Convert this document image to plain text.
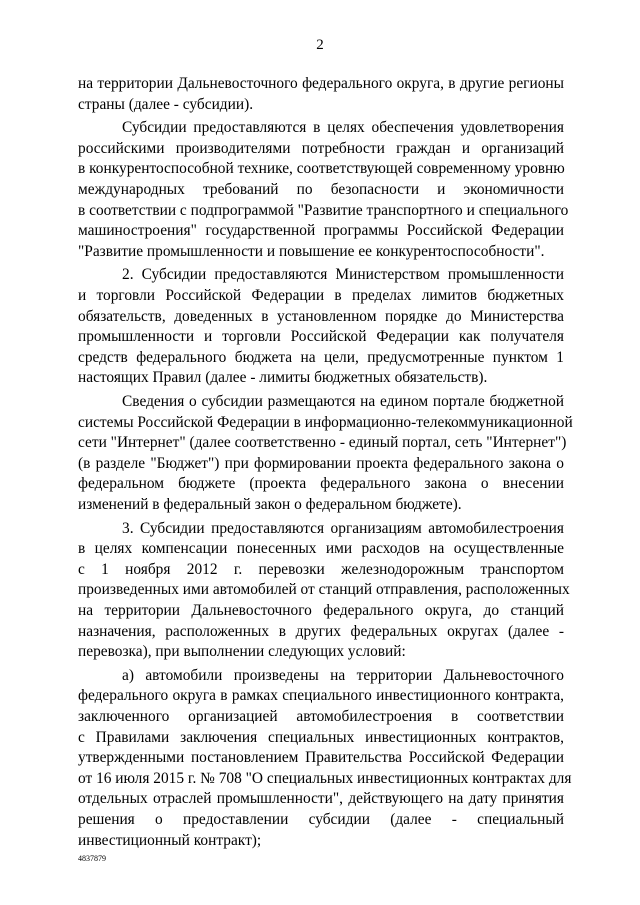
2
на территории Дальневосточного федерального округа, в другие регионы
страны (далее - субсидии).
Субсидии предоставляются в целях обеспечения удовлетворения
российскими производителями потребности граждан и организаций
в конкурентоспособной технике, соответствующей современному уровню
международных требований по безопасности и экономичности
в соответствии с подпрограммой "Развитие транспортного и специального
машиностроения" государственной программы Российской Федерации
"Развитие промышленности и повышение ее конкурентоспособности".
2. Субсидии предоставляются Министерством промышленности
и торговли Российской Федерации в пределах лимитов бюджетных
обязательств, доведенных в установленном порядке до Министерства
промышленности и торговли Российской Федерации как получателя
средств федерального бюджета на цели, предусмотренные пунктом 1
настоящих Правил (далее - лимиты бюджетных обязательств).
Сведения о субсидии размещаются на едином портале бюджетной
системы Российской Федерации в информационно-телекоммуникационной
сети "Интернет" (далее соответственно - единый портал, сеть "Интернет")
(в разделе "Бюджет") при формировании проекта федерального закона о
федеральном бюджете (проекта федерального закона о внесении
изменений в федеральный закон о федеральном бюджете).
3. Субсидии предоставляются организациям автомобилестроения
в целях компенсации понесенных ими расходов на осуществленные
с 1 ноября 2012 г. перевозки железнодорожным транспортом
произведенных ими автомобилей от станций отправления, расположенных
на территории Дальневосточного федерального округа, до станций
назначения, расположенных в других федеральных округах (далее -
перевозка), при выполнении следующих условий:
а) автомобили произведены на территории Дальневосточного
федерального округа в рамках специального инвестиционного контракта,
заключенного организацией автомобилестроения в соответствии
с Правилами заключения специальных инвестиционных контрактов,
утвержденными постановлением Правительства Российской Федерации
от 16 июля 2015 г. № 708 "О специальных инвестиционных контрактах для
отдельных отраслей промышленности", действующего на дату принятия
решения о предоставлении субсидии (далее - специальный
инвестиционный контракт);
4837879
